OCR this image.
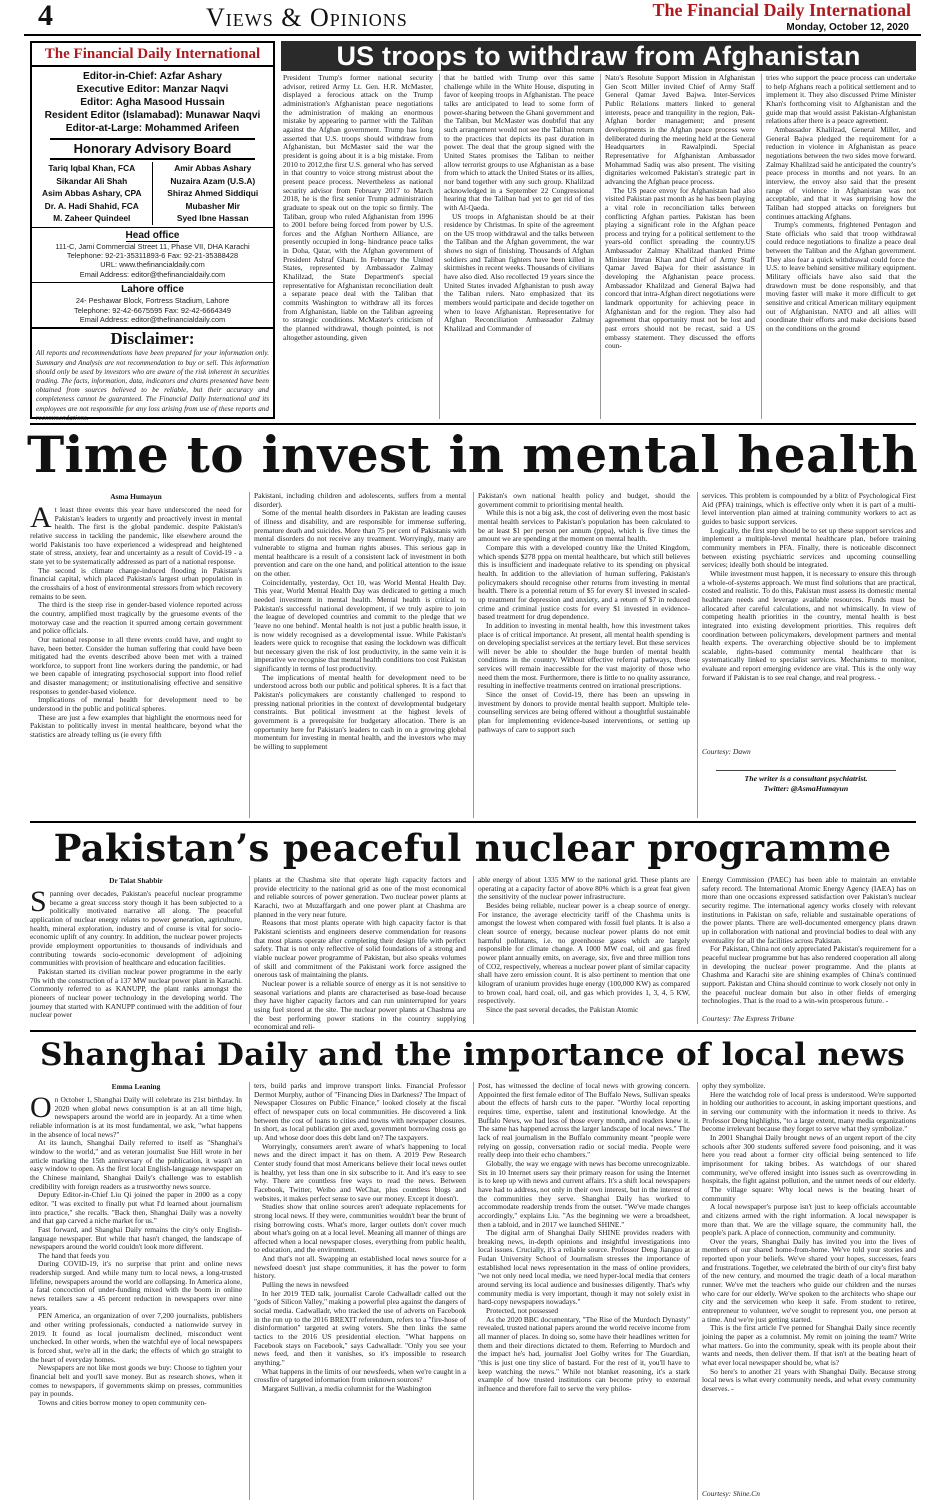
4	Views & Opinions	The Financial Daily International
Monday, October 12, 2020
The Financial Daily International
Editor-in-Chief: Azfar Ashary
Executive Editor: Manzar Naqvi
Editor: Agha Masood Hussain
Resident Editor (Islamabad): Munawar Naqvi
Editor-at-Large: Mohammed Arifeen
Honorary Advisory Board
Tariq Iqbal Khan, FCA	Amir Abbas Ashary
Sikandar Ali Shah	Nuzaira Azam (U.S.A)
Asim Abbas Ashary, CPA	Shiraz Ahmed Siddiqui
Dr. A. Hadi Shahid, FCA	Mubasher Mir
M. Zaheer Quindeel	Syed Ibne Hassan
Head office
111-C, Jami Commercial Street 11, Phase VII, DHA Karachi
Telephone: 92-21-35311893-6 Fax: 92-21-35388428
URL: www.thefinancialdaily.com
Email Address: editor@thefinancialdaily.com
Lahore office
24- Peshawar Block, Fortress Stadium, Lahore
Telephone: 92-42-6675595 Fax: 92-42-6664349
Email Address: editor@thefinancialdaily.com
Disclaimer:
All reports and recommendations have been prepared for your information only. Summary and Analysis are not recommendation to buy or sell. This information should only be used by investors who are aware of the risk inherent in securities trading. The facts, information, data, indicators and charts presented have been obtained from sources believed to be reliable, but their accuracy and completeness cannot be guaranteed. The Financial Daily International and its employees are not responsible for any loss arising from use of these reports and recommendations.
US troops to withdraw from Afghanistan

President Trump's former national security advisor, retired Army Lt. Gen. H.R. McMaster, displayed a ferocious attack on the Trump administration's Afghanistan peace negotiations the administration of making an enormous mistake by appearing to partner with the Taliban against the Afghan government. Trump has long asserted that U.S. troops should withdraw from Afghanistan, but McMaster said the war the president is going about it is a big mistake. From 2010 to 2012,the first U.S. general who has served in that country to voice strong mistrust about the present peace process. Nevertheless as national security advisor from February 2017 to March 2018, he is the first senior Trump administration graduate to speak out on the topic so firmly. The Taliban, group who ruled Afghanistan from 1996 to 2001 before being forced from power by U.S. forces and the Afghan Northern Alliance, are presently occupied in long- hindrance peace talks in Doha, Qatar, with the Afghan government of President Ashraf Ghani. In February the United States, represented by Ambassador Zalmay Khalilzad, the State Department's special representative for Afghanistan reconciliation dealt a separate peace deal with the Taliban that commits Washington to withdraw all its forces from Afghanistan, liable on the Taliban agreeing to strategic conditions. McMaster's criticism of the planned withdrawal, though pointed, is not altogether astounding, given

that he battled with Trump over this same challenge while in the White House, disputing in favor of keeping troops in Afghanistan. The peace talks are anticipated to lead to some form of power-sharing between the Ghani government and the Taliban, but McMaster was doubtful that any such arrangement would not see the Taliban return to the practices that depicts its past duration in power. The deal that the group signed with the United States promises the Taliban to neither allow terrorist groups to use Afghanistan as a base from which to attack the United States or its allies, nor band together with any such group. Khalilzad acknowledged in a September 22 Congressional hearing that the Taliban had yet to get rid of ties with Al-Qaeda.

US troops in Afghanistan should be at their residence by Christmas. In spite of the agreement on the US troop withdrawal and the talks between the Taliban and the Afghan government, the war shows no sign of finishing. Thousands of Afghan soldiers and Taliban fighters have been killed in skirmishes in recent weeks. Thousands of civilians have also died. Also recollected 19 years since the United States invaded Afghanistan to push away the Taliban rulers. Nato emphasized that its members would participate and decide together on when to leave Afghanistan. Representative for Afghan Reconciliation Ambassador Zalmay Khalilzad and Commander of

Nato's Resolute Support Mission in Afghanistan Gen Scott Miller invited Chief of Army Staff General Qamar Javed Bajwa. Inter-Services Public Relations matters linked to general interests, peace and tranquility in the region, Pak-Afghan border management; and present developments in the Afghan peace process were deliberated during the meeting held at the General Headquarters in Rawalpindi. Special Representative for Afghanistan Ambassador Mohammad Sadiq was also present. The visiting dignitaries welcomed Pakistan's strategic part in advancing the Afghan peace process.

The US peace envoy for Afghanistan had also visited Pakistan past month as he has been playing a vital role in reconciliation talks between conflicting Afghan parties. Pakistan has been playing a significant role in the Afghan peace process and trying for a political settlement to the years-old conflict spreading the country.US Ambassador Zalmay Khalilzad thanked Prime Minister Imran Khan and Chief of Army Staff Qamar Javed Bajwa for their assistance in developing the Afghanistan peace process. Ambassador Khalilzad and General Bajwa had concord that intra-Afghan direct negotiations were landmark opportunity for achieving peace in Afghanistan and for the region. They also had agreement that opportunity must not be lost and past errors should not be recast, said a US embassy statement. They discussed the efforts coun-

tries who support the peace process can undertake to help Afghans reach a political settlement and to implement it. They also discussed Prime Minister Khan's forthcoming visit to Afghanistan and the guide map that would assist Pakistan-Afghanistan relations after there is a peace agreement.

Ambassador Khalilzad, General Miller, and General Bajwa pledged the requirement for a reduction in violence in Afghanistan as peace negotiations between the two sides move forward. Zalmay Khalilzad said he anticipated the country's peace process in months and not years. In an interview, the envoy also said that the present range of violence in Afghanistan was not acceptable, and that it was surprising how the Taliban had stopped attacks on foreigners but continues attacking Afghans.

Trump's comments, frightened Pentagon and State officials who said that troop withdrawal could reduce negotiations to finalize a peace deal between the Taliban and the Afghan government. They also fear a quick withdrawal could force the U.S. to leave behind sensitive military equipment. Military officials have also said that the drawdown must be done responsibly, and that moving faster will make it more difficult to get sensitive and critical American military equipment out of Afghanistan. NATO and all allies will coordinate their efforts and make decisions based on the conditions on the ground

Time to invest in mental health
Asma Humayun
A t least three events this year have underscored the need for Pakistan's leaders to urgently and proactively invest in mental health. The first is the global pandemic. despite Pakistan's relative success in tackling the pandemic, like elsewhere around the world Pakistanis too have experienced a widespread and heightened state of stress, anxiety, fear and uncertainty as a result of Covid-19 - a state yet to be systematically addressed as part of a national response.

The second is climate change-induced flooding in Pakistan's financial capital, which placed Pakistan's largest urban population in the crosshairs of a host of environmental stressors from which recovery remains to be seen.

The third is the steep rise in gender-based violence reported across the country, amplified most tragically by the gruesome events of the motorway case and the reaction it spurred among certain government and police officials.

Our national response to all three events could have, and ought to have, been better. Consider the human suffering that could have been mitigated had the events described above been met with a trained workforce, to support front line workers during the pandemic, or had we been capable of integrating psychosocial support into flood relief and disaster management; or institutionalising effective and sensitive responses to gender-based violence.

Implications of mental health for development need to be understood in the public and political spheres.

These are just a few examples that highlight the enormous need for Pakistan to politically invest in mental healthcare, beyond what the statistics are already telling us (ie every fifth

Pakistani, including children and adolescents, suffers from a mental disorder).

Some of the mental health disorders in Pakistan are leading causes of illness and disability, and are responsible for immense suffering, premature death and suicides. More than 75 per cent of Pakistanis with mental disorders do not receive any treatment. Worryingly, many are vulnerable to stigma and human rights abuses. This serious gap in mental healthcare is a result of a consistent lack of investment in both prevention and care on the one hand, and political attention to the issue on the other.

Coincidentally, yesterday, Oct 10, was World Mental Health Day. This year, World Mental Health Day was dedicated to getting a much needed investment in mental health. Mental health is critical to Pakistan's successful national development, if we truly aspire to join the league of developed countries and commit to the pledge that we 'leave no one behind'. Mental health is not just a public health issue, it is now widely recognised as a developmental issue. While Pakistan's leaders were quick to recognise that easing the lockdown was difficult but necessary given the risk of lost productivity, in the same vein it is imperative we recognise that mental health conditions too cost Pakistan significantly in terms of lost productivity.

The implications of mental health for development need to be understood across both our public and political spheres. It is a fact that Pakistan's policymakers are constantly challenged to respond to pressing national priorities in the context of developmental budgetary constraints. But political investment at the highest levels of government is a prerequisite for budgetary allocation. There is an opportunity here for Pakistan's leaders to cash in on a growing global momentum for investing in mental health, and the investors who may be willing to supplement

Pakistan's own national health policy and budget, should the government commit to prioritising mental health.

While this is not a big ask, the cost of delivering even the most basic mental health services to Pakistan's population has been calculated to be at least $1 per person per annum (pppa), which is five times the amount we are spending at the moment on mental health.

Compare this with a developed country like the United Kingdom, which spends $278 pppa on mental healthcare, but which still believes this is insufficient and inadequate relative to its spending on physical health. In addition to the alleviation of human suffering, Pakistan's policymakers should recognise other returns from investing in mental health. There is a potential return of $5 for every $1 invested in scaled-up treatment for depression and anxiety, and a return of $7 in reduced crime and criminal justice costs for every $1 invested in evidence-based treatment for drug dependence.

In addition to investing in mental health, how this investment takes place is of critical importance. At present, all mental health spending is on developing specialist services at the tertiary level. But these services will never be able to shoulder the huge burden of mental health conditions in the country. Without effective referral pathways, these services will remain inaccessible for the vast majority of those who need them the most. Furthermore, there is little to no quality assurance, resulting in ineffective treatments centred on irrational prescriptions.

Since the onset of Covid-19, there has been an upswing in investment by donors to provide mental health support. Multiple tele-counselling services are being offered without a thoughtful sustainable plan for implementing evidence-based interventions, or setting up pathways of care to support such

services. This problem is compounded by a blitz of Psychological First Aid (PFA) trainings, which is effective only when it is part of a multi-level intervention plan aimed at training community workers to act as guides to basic support services.

Logically, the first step should be to set up these support services and implement a multiple-level mental healthcare plan, before training community members in PFA. Finally, there is noticeable disconnect between existing psychiatric services and upcoming counselling services; ideally both should be integrated.

While investment must happen, it is necessary to ensure this through a whole-of-systems approach. We must find solutions that are practical, costed and realistic. To do this, Pakistan must assess its domestic mental healthcare needs and leverage available resources. Funds must be allocated after careful calculations, and not whimsically. In view of competing health priorities in the country, mental health is best integrated into existing development priorities. This requires deft coordination between policymakers, development partners and mental health experts. The overarching objective should be to implement scalable, rights-based community mental healthcare that is systematically linked to specialist services. Mechanisms to monitor, evaluate and report emerging evidence are vital. This is the only way forward if Pakistan is to see real change, and real progress. -

Courtesy: Dawn
The writer is a consultant psychiatrist.
Twitter: @AsmaHumayun
Pakistan’s peaceful nuclear programme
Dr Talat Shabbir
S panning over decades, Pakistan's peaceful nuclear programme became a great success story though it has been subjected to a politically motivated narrative all along. The peaceful application of nuclear energy relates to power generation, agriculture, health, mineral exploration, industry and of course is vital for socio-economic uplift of any country. In addition, the nuclear power projects provide employment opportunities to thousands of individuals and contributing towards socio-economic development of adjoining communities with provision of healthcare and education facilities.

Pakistan started its civilian nuclear power programme in the early 70s with the construction of a 137 MW nuclear power plant in Karachi. Commonly referred to as KANUPP, the plant ranks amongst the pioneers of nuclear power technology in the developing world. The journey that started with KANUPP continued with the addition of four nuclear power

plants at the Chashma site that operate high capacity factors and provide electricity to the national grid as one of the most economical and reliable sources of power generation. Two nuclear power plants at Karachi, two at Muzaffargarh and one power plant at Chashma are planned in the very near future.

Reasons that most plants operate with high capacity factor is that Pakistani scientists and engineers deserve commendation for reasons that most plants operate after completing their design life with perfect safety. That is not only reflective of solid foundations of a strong and viable nuclear power programme of Pakistan, but also speaks volumes of skill and commitment of the Pakistani work force assigned the onerous task of maintaining the plants.

Nuclear power is a reliable source of energy as it is not sensitive to seasonal variations and plants are characterised as base-load because they have higher capacity factors and can run uninterrupted for years using fuel stored at the site. The nuclear power plants at Chashma are the best performing power stations in the country supplying economical and reli-

able energy of about 1335 MW to the national grid. These plants are operating at a capacity factor of above 80% which is a great feat given the sensitivity of the nuclear power infrastructure.

Besides being reliable, nuclear power is a cheap source of energy. For instance, the average electricity tariff of the Chashma units is amongst the lowest when compared with fossil fuel plants. It is also a clean source of energy, because nuclear power plants do not emit harmful pollutants, i.e. no greenhouse gases which are largely responsible for climate change. A 1000 MW coal, oil and gas fired power plant annually emits, on average, six, five and three million tons of CO2, respectively, whereas a nuclear power plant of similar capacity shall have zero emission count. It is also pertinent to mention that one kilogram of uranium provides huge energy (100,000 KW) as compared to brown coal, hard coal, oil, and gas which provides 1, 3, 4, 5 KW, respectively.

Since the past several decades, the Pakistan Atomic

Energy Commission (PAEC) has been able to maintain an enviable safety record. The International Atomic Energy Agency (IAEA) has on more than one occasions expressed satisfaction over Pakistan's nuclear security regime. The international agency works closely with relevant institutions in Pakistan on safe, reliable and sustainable operations of the power plants. There are well-documented emergency plans drawn up in collaboration with national and provincial bodies to deal with any eventuality for all the facilities across Pakistan.

For Pakistan, China not only appreciated Pakistan's requirement for a peaceful nuclear programme but has also rendered cooperation all along in developing the nuclear power programme. And the plants at Chashma and Karachi site are shining examples of China's continued support. Pakistan and China should continue to work closely not only in the peaceful nuclear domain but also in other fields of emerging technologies. That is the road to a win-win prosperous future. -

Courtesy: The Express Tribune
Shanghai Daily and the importance of local news
Emma Leaning
O n October 1, Shanghai Daily will celebrate its 21st birthday. In 2020 when global news consumption is at an all time high, newspapers around the world are in jeopardy. At a time when reliable information is at its most fundamental, we ask, "what happens in the absence of local news?"

At its launch, Shanghai Daily referred to itself as "Shanghai's window to the world," and as veteran journalist Sue Hill wrote in her article marking the 15th anniversary of the publication, it wasn't an easy window to open. As the first local English-language newspaper on the Chinese mainland, Shanghai Daily's challenge was to establish credibility with foreign readers as a trustworthy news source.

Deputy Editor-in-Chief Liu Qi joined the paper in 2000 as a copy editor. "I was excited to finally put what I'd learned about journalism into practice," she recalls. "Back then, Shanghai Daily was a novelty and that gap carved a niche market for us."

Fast forward, and Shanghai Daily remains the city's only English-language newspaper. But while that hasn't changed, the landscape of newspapers around the world couldn't look more different.

The hand that feeds you

During COVID-19, it's no surprise that print and online news readership surged. And while many turn to local news, a long-trusted lifeline, newspapers around the world are collapsing. In America alone, a fatal concoction of under-funding mixed with the boom in online news retailers saw a 45 percent reduction in newspapers over nine years.

PEN America, an organization of over 7,200 journalists, publishers and other writing professionals, conducted a nationwide survey in 2019. It found as local journalism declined, misconduct went unchecked. In other words, when the watchful eye of local newspapers is forced shut, we're all in the dark; the effects of which go straight to the heart of everyday homes.

Newspapers are not like most goods we buy: Choose to tighten your financial belt and you'll save money. But as research shows, when it comes to newspapers, if governments skimp on presses, communities pay in pounds.

Towns and cities borrow money to open community cen-

ters, build parks and improve transport links. Financial Professor Dermot Murphy, author of "Financing Dies in Darkness? The Impact of Newspaper Closures on Public Finance," looked closely at the fiscal effect of newspaper cuts on local communities. He discovered a link between the cost of loans to cities and towns with newspaper closures. In short, as local publication get axed, government borrowing costs go up. And whose door does this debt land on? The taxpayers.

Worryingly, consumers aren't aware of what's happening to local news and the direct impact it has on them. A 2019 Pew Research Center study found that most Americans believe their local news outlet is healthy, yet less than one in six subscribe to it. And it's easy to see why. There are countless free ways to read the news. Between Facebook, Twitter, Weibo and WeChat, plus countless blogs and websites, it makes perfect sense to save our money. Except it doesn't.

Studies show that online sources aren't adequate replacements for strong local news. If they were, communities wouldn't bear the brunt of rising borrowing costs. What's more, larger outlets don't cover much about what's going on at a local level. Meaning all manner of things are affected when a local newspaper closes, everything from public health, to education, and the environment.

And that's not all. Swapping an established local news source for a newsfeed doesn't just shape communities, it has the power to form history.

Pulling the news in newsfeed

In her 2019 TED talk, journalist Carole Cadwalladr called out the "gods of Silicon Valley," making a powerful plea against the dangers of social media. Cadwalladr, who tracked the use of adverts on Facebook in the run up to the 2016 BREXIT referendum, refers to a "fire-hose of disinformation" targeted at swing voters. She then links the same tactics to the 2016 US presidential election. "What happens on Facebook stays on Facebook," says Cadwalladr. "Only you see your news feed, and then it vanishes, so it's impossible to research anything."

What happens in the limits of our newsfeeds, when we're caught in a crossfire of targeted information from unknown sources?

Margaret Sullivan, a media columnist for the Washington

Post, has witnessed the decline of local news with growing concern. Appointed the first female editor of The Buffalo News, Sullivan speaks about the effects of harsh cuts to the paper. "Worthy local reporting requires time, expertise, talent and institutional knowledge. At the Buffalo News, we had less of those every month, and readers knew it. The same has happened across the larger landscape of local news." The lack of real journalism in the Buffalo community meant "people were relying on gossip, conversation radio or social media. People were really deep into their echo chambers."

Globally, the way we engage with news has become unrecognizable. Six in 10 Internet users say their primary reason for using the Internet is to keep up with news and current affairs. It's a shift local newspapers have had to address, not only in their own interest, but in the interest of the communities they serve. Shanghai Daily has worked to accommodate readership trends from the outset. "We've made changes accordingly," explains Liu. "As the beginning we were a broadsheet, then a tabloid, and in 2017 we launched SHINE."

The digital arm of Shanghai Daily SHINE provides readers with breaking news, in-depth opinions and insightful investigations into local issues. Crucially, it's a reliable source. Professor Deng Jianguo at Fudan University School of Journalism stresses the importance of established local news representation in the mass of online providers, "we not only need local media, we need hyper-local media that centers around serving its local audience and businesses diligently. That's why community media is very important, though it may not solely exist in hard-copy newspapers nowadays."

Protected, not possessed

As the 2020 BBC documentary, "The Rise of the Murdoch Dynasty" revealed, trusted national papers around the world receive income from all manner of places. In doing so, some have their headlines written for them and their directions dictated to them. Referring to Murdoch and the impact he's had, journalist Joel Golby writes for The Guardian, "this is just one tiny slice of bastard. For the rest of it, you'll have to keep watching the news." While not blanket reasoning, it's a stark example of how trusted institutions can become privy to external influence and therefore fail to serve the very philos-

ophy they symbolize.

Here the watchdog role of local press is understood. We're supported in holding our authorities to account, in asking important questions, and in serving our community with the information it needs to thrive. As Professor Deng highlights, "to a large extent, many media organizations become irrelevant because they forget to serve what they symbolize."

In 2001 Shanghai Daily brought news of an urgent report of the city schools after 300 students suffered severe food poisoning, and it was here you read about a former city official being sentenced to life imprisonment for taking bribes. As watchdogs of our shared community, we've offered insight into issues such as overcrowding in hospitals, the fight against pollution, and the unmet needs of our elderly.

The village square: Why local news is the beating heart of community

A local newspaper's purpose isn't just to keep officials accountable and citizens armed with the right information. A local newspaper is more than that. We are the village square, the community hall, the people's park. A place of connection, community and community.

Over the years, Shanghai Daily has invited you into the lives of members of our shared home-from-home. We've told your stories and reported upon your beliefs. We've shared your hopes, successes, fears and frustrations. Together, we celebrated the birth of our city's first baby of the new century, and mourned the tragic death of a local marathon runner. We've met the teachers who guide our children and the nurses who care for our elderly. We've spoken to the architects who shape our city and the servicemen who keep it safe. From student to retiree, entrepreneur to volunteer, we've sought to represent you, one person at a time. And we're just getting started.

This is the first article I've penned for Shanghai Daily since recently joining the paper as a columnist. My remit on joining the team? Write what matters. Go into the community, speak with its people about their wants and needs, then deliver them. If that isn't at the beating heart of what ever local newspaper should be, what is?

So here's to another 21 years with Shanghai Daily. Because strong local news is what every community needs, and what every community deserves. -

Courtesy: Shine.Cn
